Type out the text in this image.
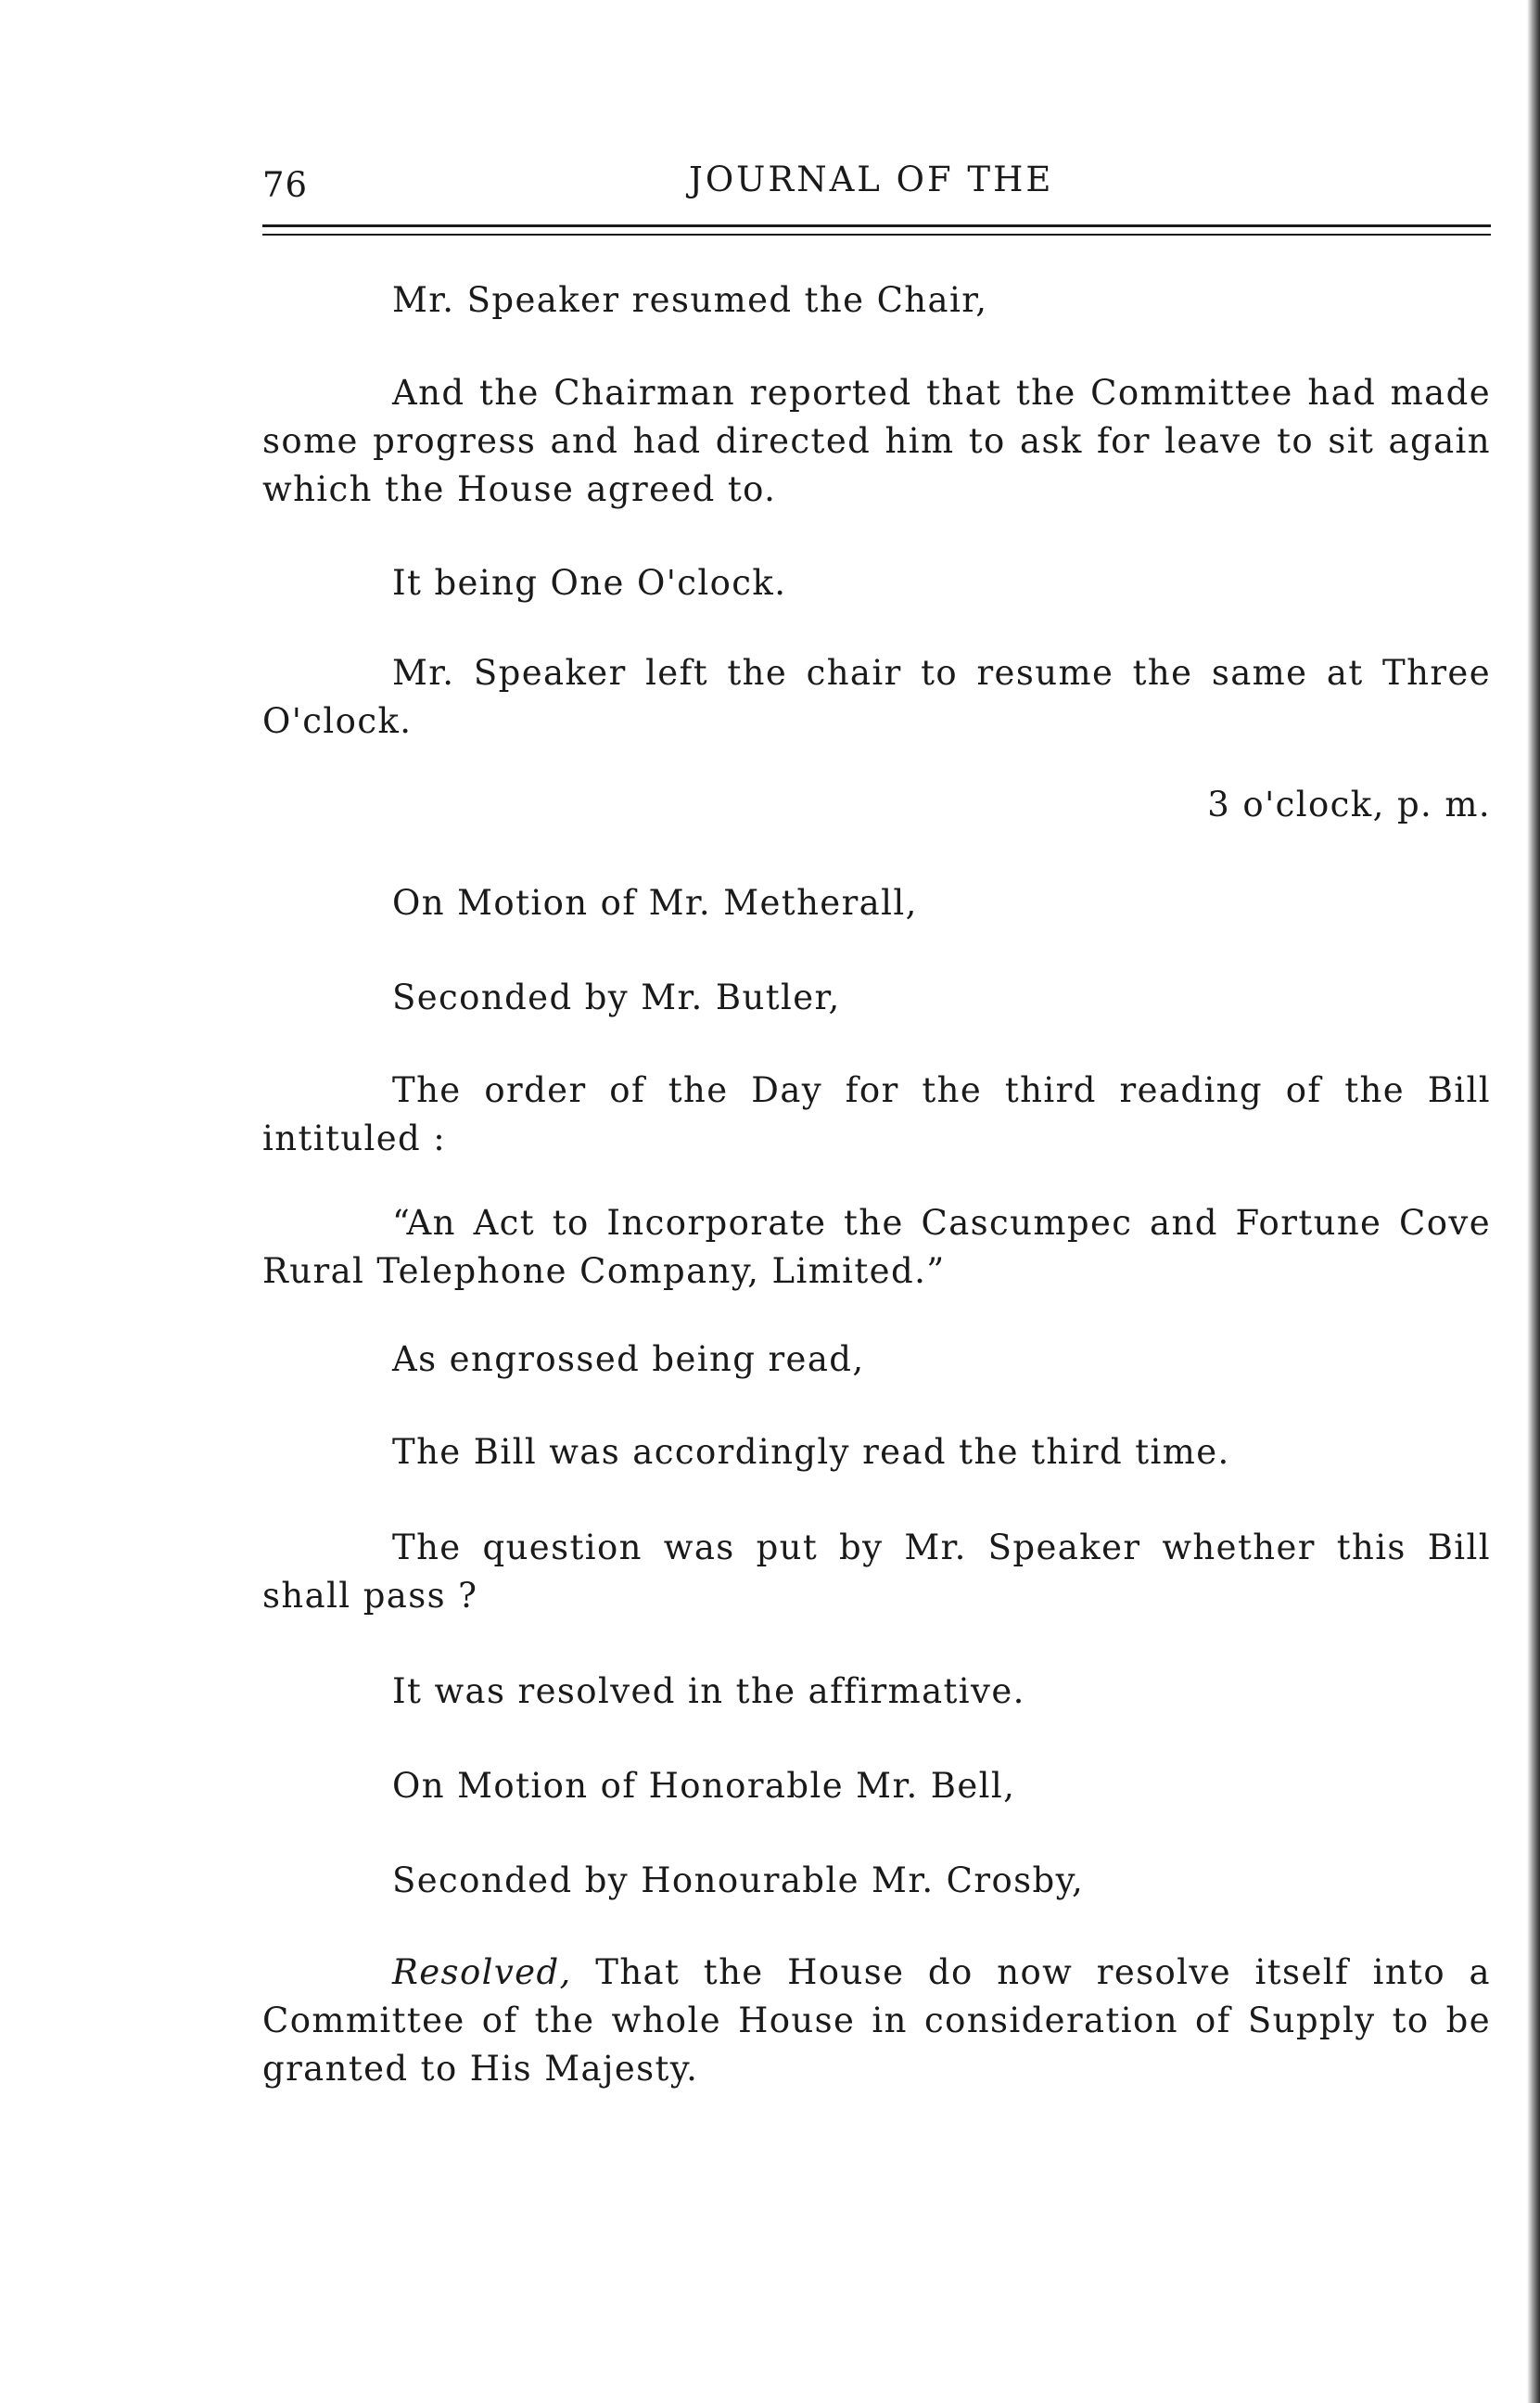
76	JOURNAL OF THE

Mr. Speaker resumed the Chair,

And the Chairman reported that the Committee had made some progress and had directed him to ask for leave to sit again which the House agreed to.

It being One O'clock.

Mr. Speaker left the chair to resume the same at Three O'clock.

3 o'clock, p. m.

On Motion of Mr. Metherall,

Seconded by Mr. Butler,

The order of the Day for the third reading of the Bill intituled :

“An Act to Incorporate the Cascumpec and Fortune Cove Rural Telephone Company, Limited.”

As engrossed being read,

The Bill was accordingly read the third time.

The question was put by Mr. Speaker whether this Bill shall pass ?

It was resolved in the affirmative.

On Motion of Honorable Mr. Bell,

Seconded by Honourable Mr. Crosby,

Resolved, That the House do now resolve itself into a Committee of the whole House in consideration of Supply to be granted to His Majesty.
